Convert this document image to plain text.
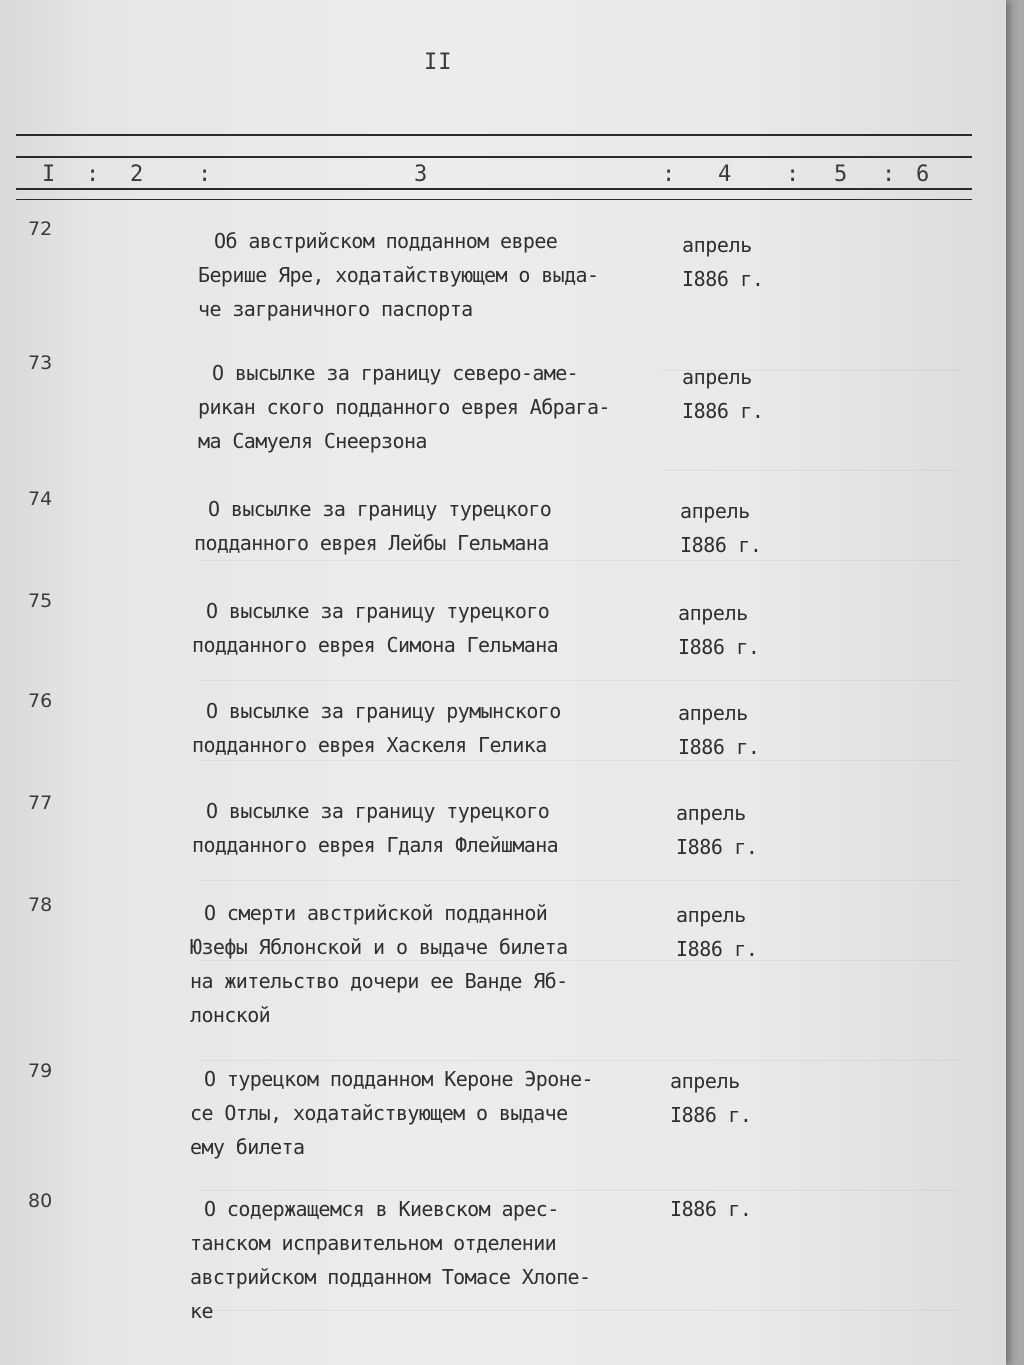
II
I : 2 :	3	: 4 : 5 : 6
72	Об австрийском подданном еврее
Берише Яре, ходатайствующем о выда-
че заграничного паспорта
апрель
I886 г.
73	О высылке за границу северо-аме-
рикан ского подданного еврея Абрага-
ма Самуеля Снеерзона
апрель
I886 г.
74	О высылке за границу турецкого
подданного еврея Лейбы Гельмана
апрель
I886 г.
75	О высылке за границу турецкого
подданного еврея Симона Гельмана
апрель
I886 г.
76	О высылке за границу румынского
подданного еврея Хаскеля Гелика
апрель
I886 г.
77	О высылке за границу турецкого
подданного еврея Гдаля Флейшмана
апрель
I886 г.
78	О смерти австрийской подданной
Юзефы Яблонской и о выдаче билета
на жительство дочери ее Ванде Яб-
лонской
апрель
I886 г.
79	О турецком подданном Кероне Эроне-
се Отлы, ходатайствующем о выдаче
ему билета
апрель
I886 г.
80	О содержащемся в Киевском арес-
танском исправительном отделении
австрийском подданном Томасе Хлопе-
ке
I886 г.
